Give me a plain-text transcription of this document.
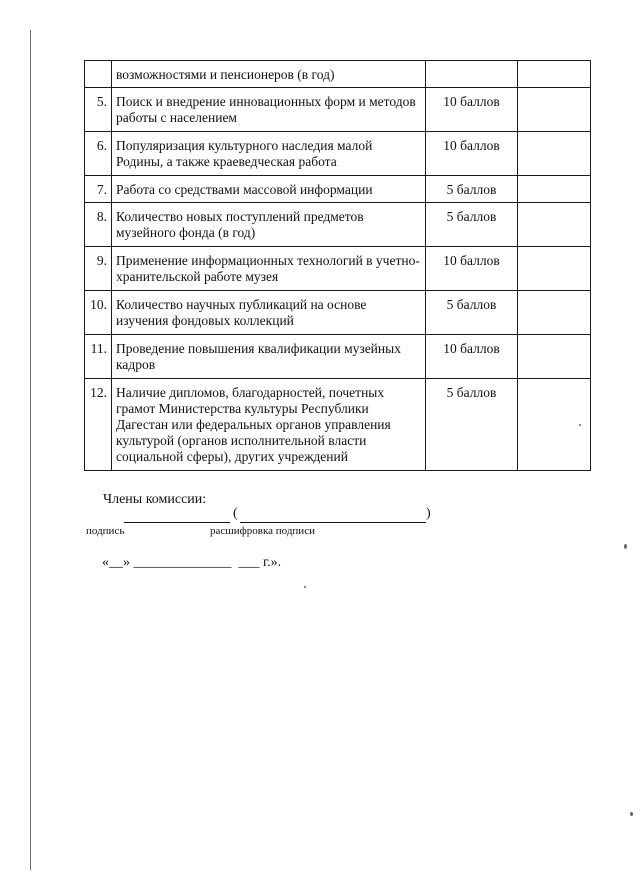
	возможностями и пенсионеров (в год)		
5.	Поиск и внедрение инновационных форм и методов работы с населением	10 баллов	
6.	Популяризация культурного наследия малой Родины, а также краеведческая работа	10 баллов	
7.	Работа со средствами массовой информации	5 баллов	
8.	Количество новых поступлений предметов музейного фонда (в год)	5 баллов	
9.	Применение информационных технологий в учетно-хранительской работе музея	10 баллов	
10.	Количество научных публикаций на основе изучения фондовых коллекций	5 баллов	
11.	Проведение повышения квалификации музейных кадров	10 баллов	
12.	Наличие дипломов, благодарностей, почетных грамот Министерства культуры Республики Дагестан или федеральных органов управления культурой (органов исполнительной власти социальной сферы), других учреждений	5 баллов	
Члены комиссии:
(	)
подпись	расшифровка подписи
«__» ______________  ___ г.».
